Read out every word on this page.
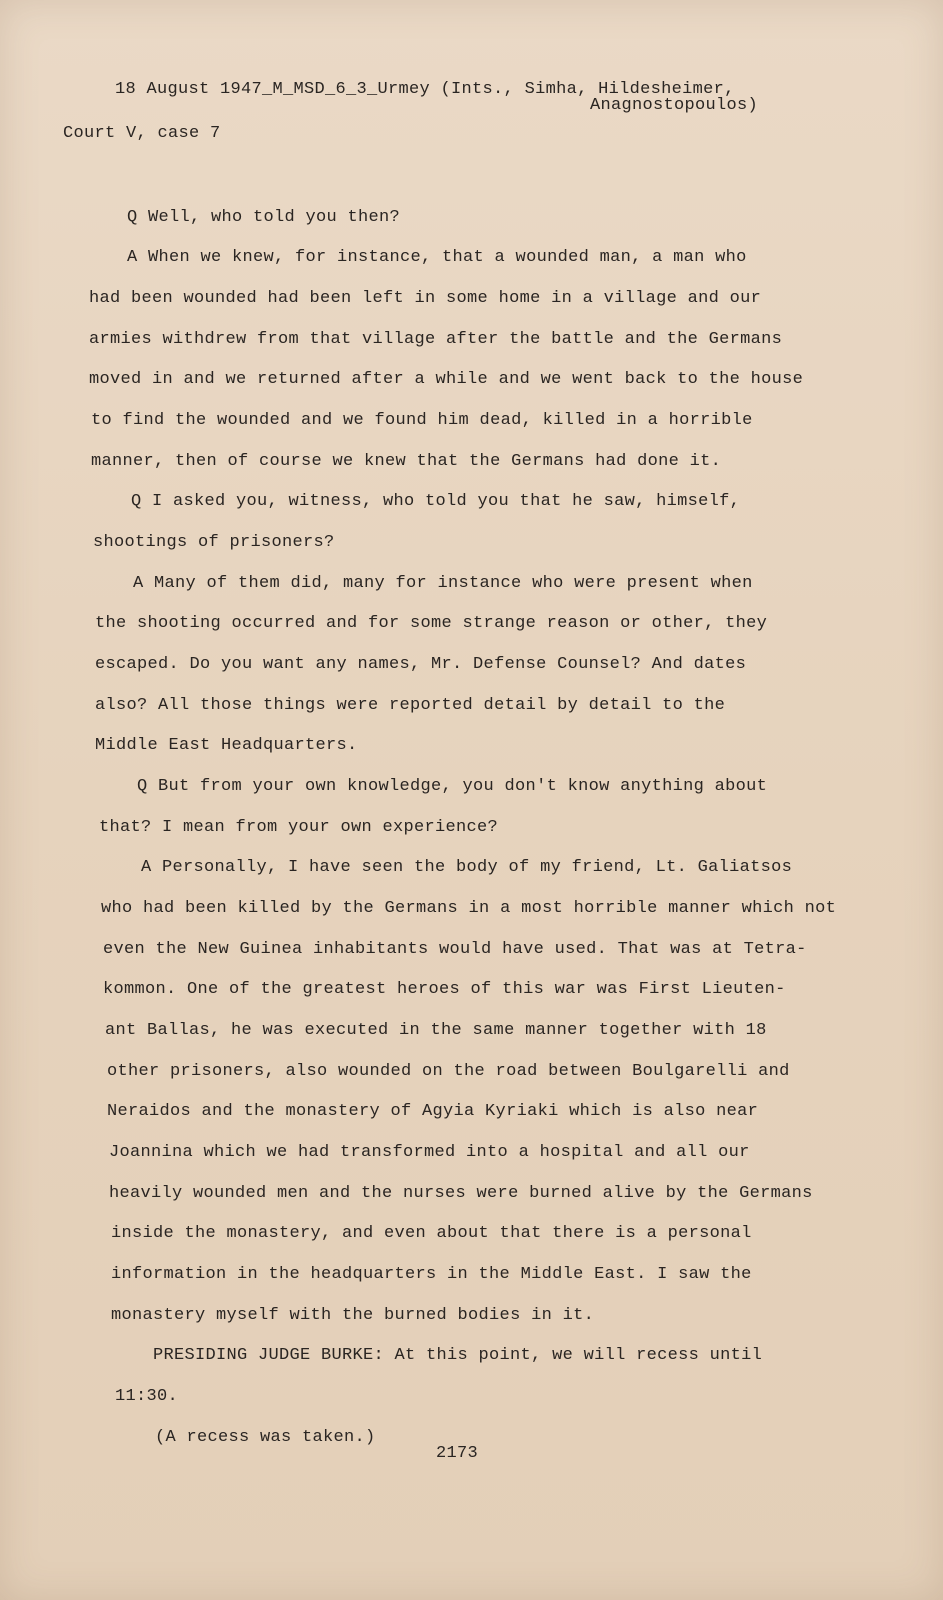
18 August 1947_M_MSD_6_3_Urmey (Ints., Simha, Hildesheimer,
Anagnostopoulos)
Court V, case 7
Q Well, who told you then?
A When we knew, for instance, that a wounded man, a man who
had been wounded had been left in some home in a village and our
armies withdrew from that village after the battle and the Germans
moved in and we returned after a while and we went back to the house
to find the wounded and we found him dead, killed in a horrible
manner, then of course we knew that the Germans had done it.
Q I asked you, witness, who told you that he saw, himself,
shootings of prisoners?
A Many of them did, many for instance who were present when
the shooting occurred and for some strange reason or other, they
escaped. Do you want any names, Mr. Defense Counsel? And dates
also? All those things were reported detail by detail to the
Middle East Headquarters.
Q But from your own knowledge, you don't know anything about
that? I mean from your own experience?
A Personally, I have seen the body of my friend, Lt. Galiatsos
who had been killed by the Germans in a most horrible manner which not
even the New Guinea inhabitants would have used. That was at Tetra-
kommon. One of the greatest heroes of this war was First Lieuten-
ant Ballas, he was executed in the same manner together with 18
other prisoners, also wounded on the road between Boulgarelli and
Neraidos and the monastery of Agyia Kyriaki which is also near
Joannina which we had transformed into a hospital and all our
heavily wounded men and the nurses were burned alive by the Germans
inside the monastery, and even about that there is a personal
information in the headquarters in the Middle East. I saw the
monastery myself with the burned bodies in it.
PRESIDING JUDGE BURKE: At this point, we will recess until
11:30.
(A recess was taken.)
2173
